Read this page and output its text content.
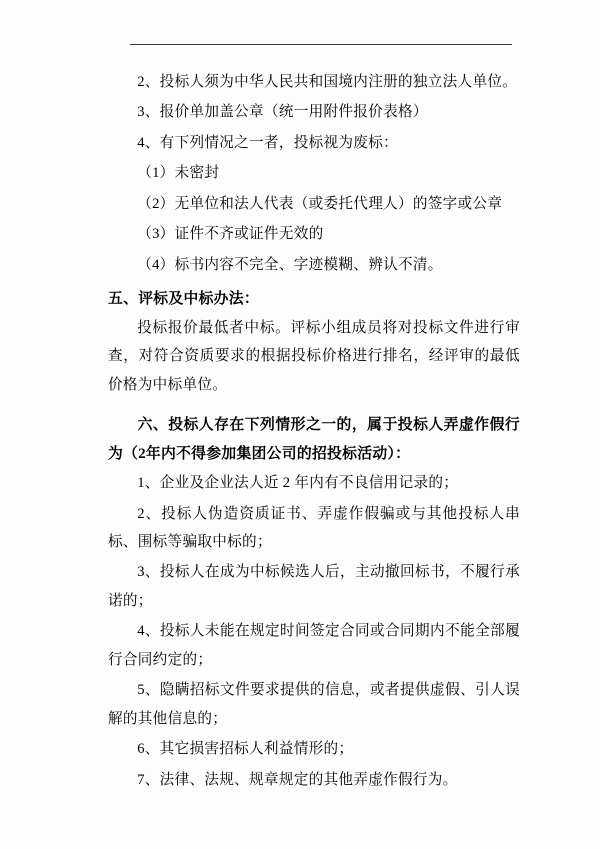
2、投标人须为中华人民共和国境内注册的独立法人单位。

3、报价单加盖公章（统一用附件报价表格）

4、有下列情况之一者，投标视为废标：

（1）未密封

（2）无单位和法人代表（或委托代理人）的签字或公章

（3）证件不齐或证件无效的

（4）标书内容不完全、字迹模糊、辨认不清。

五、评标及中标办法：

投标报价最低者中标。评标小组成员将对投标文件进行审查，对符合资质要求的根据投标价格进行排名，经评审的最低价格为中标单位。

六、投标人存在下列情形之一的，属于投标人弄虚作假行为（2年内不得参加集团公司的招投标活动）：

1、企业及企业法人近 2 年内有不良信用记录的；

2、投标人伪造资质证书、弄虚作假骗或与其他投标人串标、围标等骗取中标的；

3、投标人在成为中标候选人后，主动撤回标书，不履行承诺的；

4、投标人未能在规定时间签定合同或合同期内不能全部履行合同约定的；

5、隐瞒招标文件要求提供的信息，或者提供虚假、引人误解的其他信息的；

6、其它损害招标人利益情形的；

7、法律、法规、规章规定的其他弄虚作假行为。
